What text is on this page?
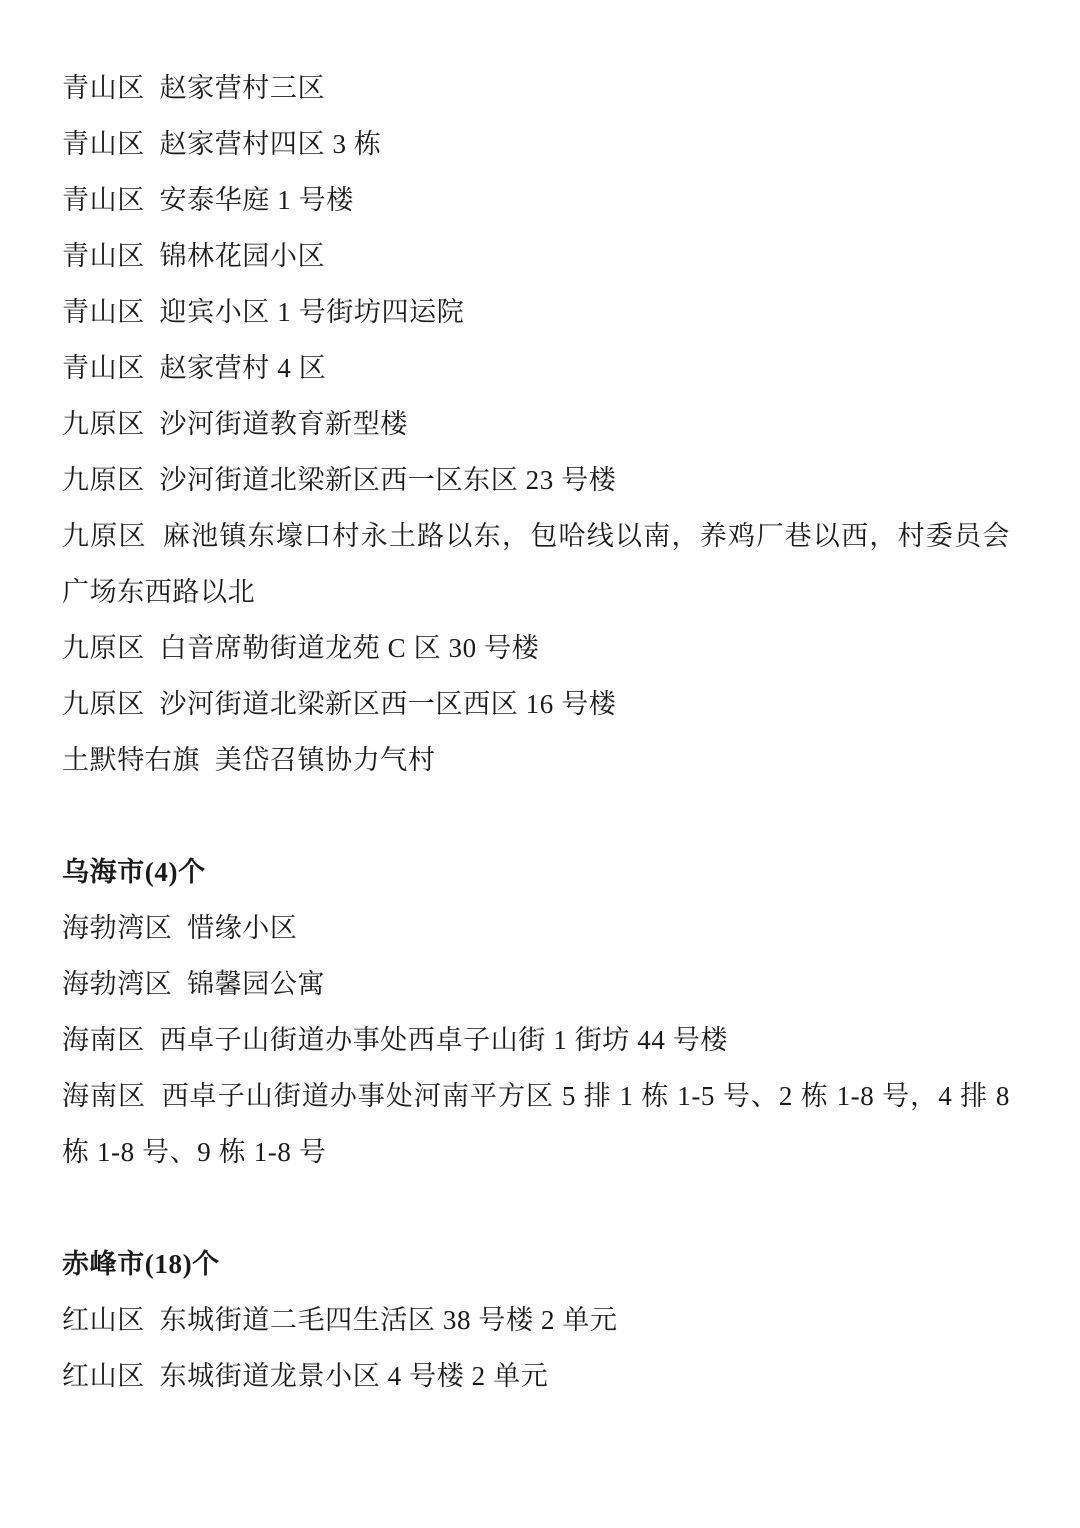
青山区  赵家营村三区
青山区  赵家营村四区 3 栋
青山区  安泰华庭 1 号楼
青山区  锦林花园小区
青山区  迎宾小区 1 号街坊四运院
青山区  赵家营村 4 区
九原区  沙河街道教育新型楼
九原区  沙河街道北梁新区西一区东区 23 号楼
九原区  麻池镇东壕口村永土路以东，包哈线以南，养鸡厂巷以西，村委员会广场东西路以北
九原区  白音席勒街道龙苑 C 区 30 号楼
九原区  沙河街道北梁新区西一区西区 16 号楼
土默特右旗  美岱召镇协力气村
乌海市(4)个
海勃湾区  惜缘小区
海勃湾区  锦馨园公寓
海南区  西卓子山街道办事处西卓子山街 1 街坊 44 号楼
海南区  西卓子山街道办事处河南平方区 5 排 1 栋 1-5 号、2 栋 1-8 号，4 排 8 栋 1-8 号、9 栋 1-8 号
赤峰市(18)个
红山区  东城街道二毛四生活区 38 号楼 2 单元
红山区  东城街道龙景小区 4 号楼 2 单元
